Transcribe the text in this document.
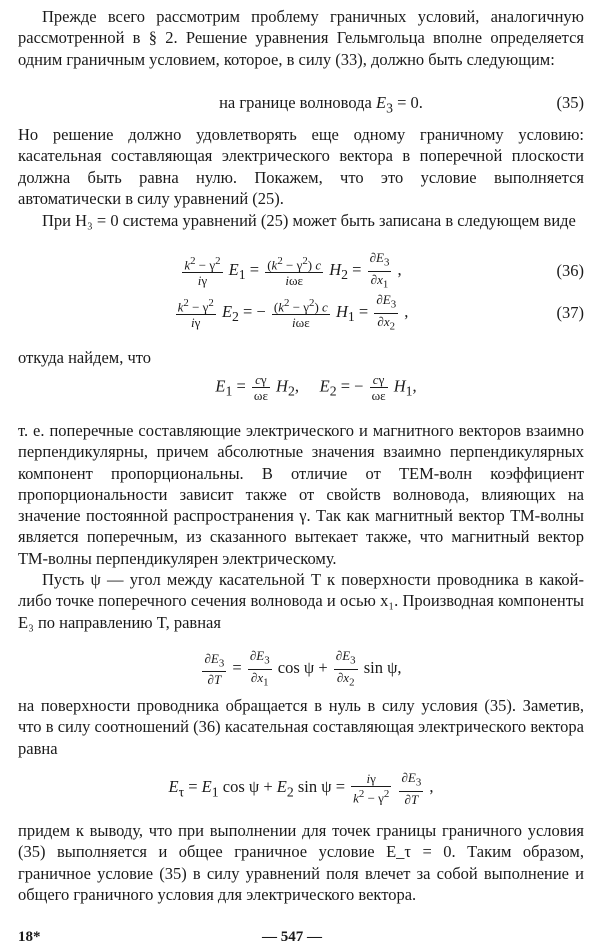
Прежде всего рассмотрим проблему граничных условий, аналогичную рассмотренной в § 2. Решение уравнения Гельмгольца вполне определяется одним граничным условием, которое, в силу (33), должно быть следующим:

на границе волновода $E_3 = 0$.	(35)

Но решение должно удовлетворять еще одному граничному условию: касательная составляющая электрического вектора в поперечной плоскости должна быть равна нулю. Покажем, что это условие выполняется автоматически в силу уравнений (25).

При H₃ = 0 система уравнений (25) может быть записана в следующем виде

$\frac{k^2 - \gamma^2}{i\gamma} E_1 = \frac{(k^2 - \gamma^2) c}{\text{iωε}} H_2 = \frac{\partial E_3}{\partial x_1}$ ,	(36)
$\frac{k^2 - \gamma^2}{i\gamma} E_2$ = − $\frac{(k^2 - \gamma^2) c}{\text{iωε}} H_1 = \frac{\partial E_3}{\partial x_2}$ ,	(37)

откуда найдем, что

$E_1 = \frac{c\gamma}{\omega\varepsilon} H_2$,     $E_2$ = − $\frac{c\gamma}{\omega\varepsilon} H_1$,

т. е. поперечные составляющие электрического и магнитного векторов взаимно перпендикулярны, причем абсолютные значения взаимно перпендикулярных компонент пропорциональны. В отличие от ТЕМ-волн коэффициент пропорциональности зависит также от свойств волновода, влияющих на значение постоянной распространения γ. Так как магнитный вектор ТМ-волны является поперечным, из сказанного вытекает также, что магнитный вектор ТМ-волны перпендикулярен электрическому.

Пусть ψ — угол между касательной T к поверхности проводника в какой-либо точке поперечного сечения волновода и осью x₁. Производная компоненты E₃ по направлению T, равная

$\frac{\partial E_3}{\partial T} = \frac{\partial E_3}{\partial x_1}$ $\cos \psi + \frac{\partial E_3}{\partial x_2}$ sin ψ,

на поверхности проводника обращается в нуль в силу условия (35). Заметив, что в силу соотношений (36) касательная составляющая электрического вектора равна

$E_\tau = E_1$ $\cos \psi + E_2$ $\sin \psi = \frac{i\gamma}{k^2 - \gamma^2}$
$\frac{\partial E_3}{\partial T}$ ,

придем к выводу, что при выполнении для точек границы граничного условия (35) выполняется и общее граничное условие E_τ = 0. Таким образом, граничное условие (35) в силу уравнений поля влечет за собой выполнение и общего граничного условия для электрического вектора.

18*	— 547 —
